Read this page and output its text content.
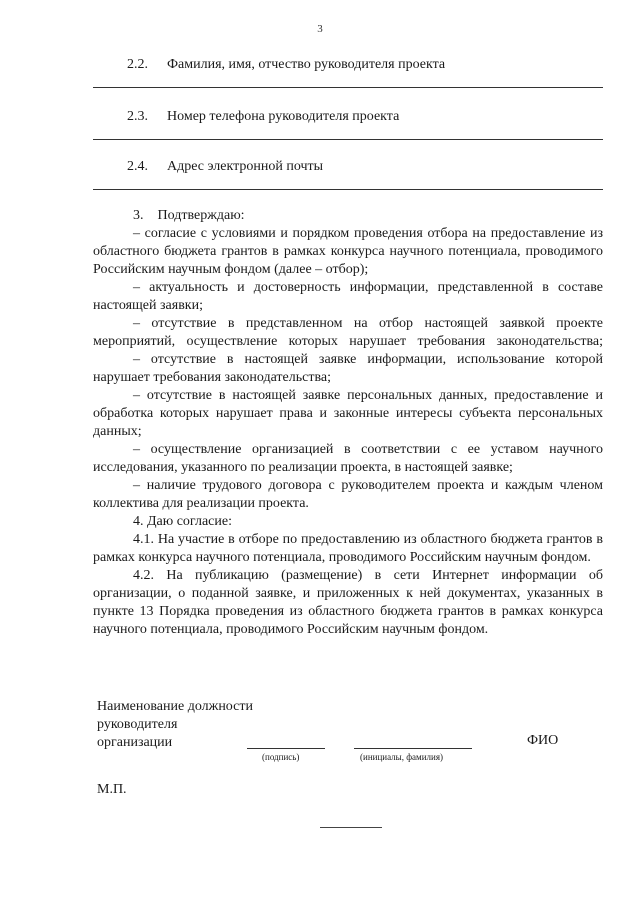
3
2.2. Фамилия, имя, отчество руководителя проекта
2.3. Номер телефона руководителя проекта
2.4. Адрес электронной почты

3.    Подтверждаю:

– согласие с условиями и порядком проведения отбора на предоставление из областного бюджета грантов в рамках конкурса научного потенциала, проводимого Российским научным фондом (далее – отбор);

– актуальность и достоверность информации, представленной в составе настоящей заявки;

– отсутствие в представленном на отбор настоящей заявкой проекте мероприятий, осуществление которых нарушает требования законодательства;

– отсутствие в настоящей заявке информации, использование которой нарушает требования законодательства;

– отсутствие в настоящей заявке персональных данных, предоставление и обработка которых нарушает права и законные интересы субъекта персональных данных;

– осуществление организацией в соответствии с ее уставом научного исследования, указанного по реализации проекта, в настоящей заявке;

– наличие трудового договора с руководителем проекта и каждым членом коллектива для реализации проекта.

4. Даю согласие:

4.1. На участие в отборе по предоставлению из областного бюджета грантов в рамках конкурса научного потенциала, проводимого Российским научным фондом.

4.2. На публикацию (размещение) в сети Интернет информации об организации, о поданной заявке, и приложенных к ней документах, указанных в пункте 13 Порядка проведения из областного бюджета грантов в рамках конкурса научного потенциала, проводимого Российским научным фондом.

Наименование должности
руководителя
организации
(подпись)	(инициалы, фамилия)
ФИО
М.П.
